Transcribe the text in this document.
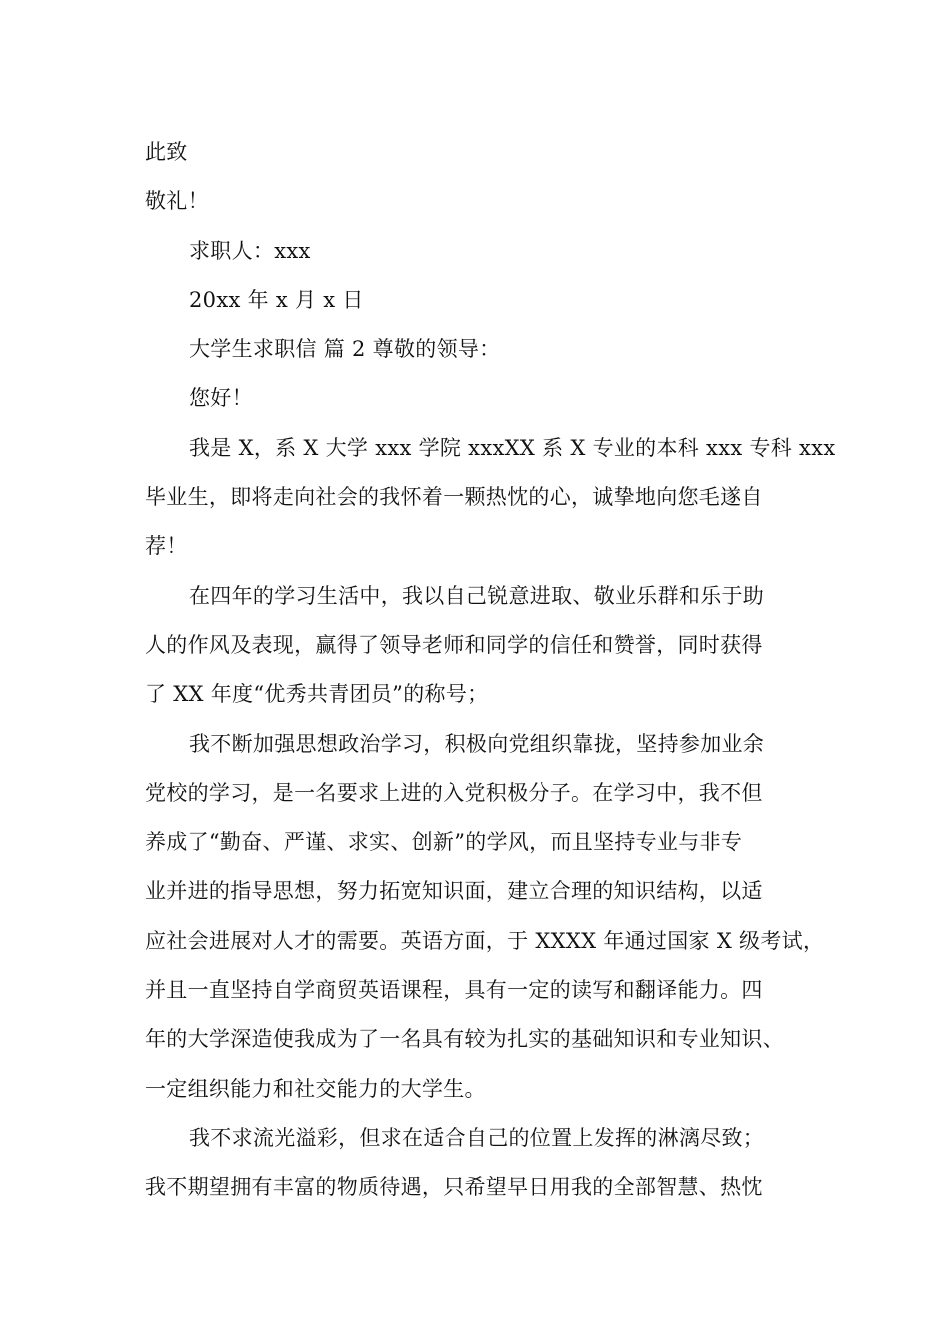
此致

敬礼！

求职人：xxx

20xx 年 x 月 x 日

大学生求职信 篇 2 尊敬的领导：

您好！

我是 X，系 X 大学 xxx 学院 xxxXX 系 X 专业的本科 xxx 专科 xxx

毕业生，即将走向社会的我怀着一颗热忱的心，诚挚地向您毛遂自

荐！

在四年的学习生活中，我以自己锐意进取、敬业乐群和乐于助

人的作风及表现，赢得了领导老师和同学的信任和赞誉，同时获得

了 XX 年度“优秀共青团员”的称号；

我不断加强思想政治学习，积极向党组织靠拢，坚持参加业余

党校的学习，是一名要求上进的入党积极分子。在学习中，我不但

养成了“勤奋、严谨、求实、创新”的学风，而且坚持专业与非专

业并进的指导思想，努力拓宽知识面，建立合理的知识结构，以适

应社会进展对人才的需要。英语方面，于 XXXX 年通过国家 X 级考试，

并且一直坚持自学商贸英语课程，具有一定的读写和翻译能力。四

年的大学深造使我成为了一名具有较为扎实的基础知识和专业知识、

一定组织能力和社交能力的大学生。

我不求流光溢彩，但求在适合自己的位置上发挥的淋漓尽致；

我不期望拥有丰富的物质待遇，只希望早日用我的全部智慧、热忱
